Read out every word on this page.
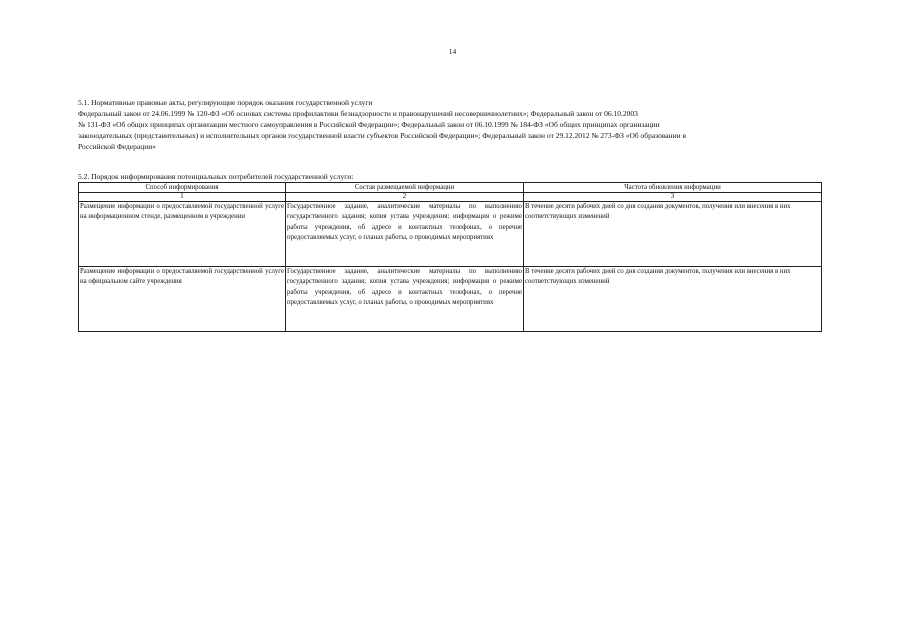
14

5.1. Нормативные правовые акты, регулирующие порядок оказания государственной услуги

Федеральный закон от 24.06.1999 № 120-ФЗ «Об основах системы профилактики безнадзорности и правонарушений несовершеннолетних»; Федеральный закон от 06.10.2003

№ 131-ФЗ «Об общих принципах организации местного самоуправления в Российской Федерации»; Федеральный закон от 06.10.1999 № 184-ФЗ «Об общих принципах организации

законодательных (представительных) и исполнительных органов государственной власти субъектов Российской Федерации»; Федеральный закон от 29.12.2012 № 273-ФЗ «Об образовании в

Российской Федерации»

5.2. Порядок информирования потенциальных потребителей государственной услуги:

Способ информирования	Состав размещаемой информации	Частота обновления информации
1	2	3
Размещение информации о предоставляемой государственной услуге на информационном стенде, размещенном в учреждении	Государственное задание, аналитические материалы по выполнению государственного задания; копия устава учреждения; информация о режиме работы учреждения, об адресе и контактных телефонах, о перечне предоставляемых услуг, о планах работы, о проводимых мероприятиях	В течение десяти рабочих дней со дня создания документов, получения или внесения в них соответствующих изменений
Размещение информации о предоставляемой государственной услуге на официальном сайте учреждения	Государственное задание, аналитические материалы по выполнению государственного задания; копия устава учреждения; информация о режиме работы учреждения, об адресе и контактных телефонах, о перечне предоставляемых услуг, о планах работы, о проводимых мероприятиях	В течение десяти рабочих дней со дня создания документов, получения или внесения в них соответствующих изменений
